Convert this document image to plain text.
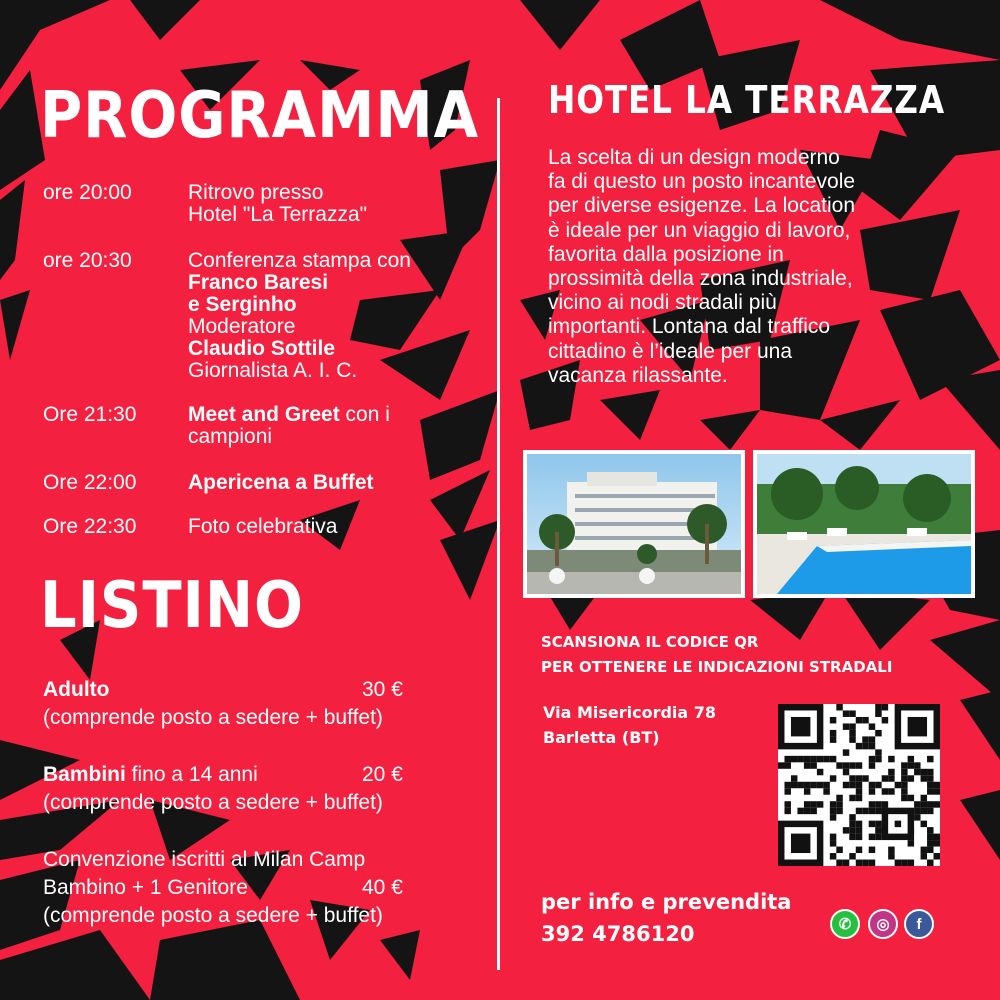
PROGRAMMA
ore 20:00	Ritrovo presso
Hotel "La Terrazza"
ore 20:30	Conferenza stampa con
Franco Baresi
e Serginho
Moderatore
Claudio Sottile
Giornalista A. I. C.
Ore 21:30 Meet and Greet con i
campioni
Ore 22:00 Apericena a Buffet
Ore 22:30 Foto celebrativa
LISTINO
Adulto	30 €
(comprende posto a sedere + buffet)
Bambini fino a 14 anni	20 €
(comprende posto a sedere + buffet)
Convenzione iscritti al Milan Camp
Bambino + 1 Genitore	40 €
(comprende posto a sedere + buffet)
HOTEL LA TERRAZZA
La scelta di un design moderno
fa di questo un posto incantevole
per diverse esigenze. La location
è ideale per un viaggio di lavoro,
favorita dalla posizione in
prossimità della zona industriale,
vicino ai nodi stradali più
importanti. Lontana dal traffico
cittadino è l’ideale per una
vacanza rilassante.
SCANSIONA IL CODICE QR
PER OTTENERE LE INDICAZIONI STRADALI
Via Misericordia 78
Barletta (BT)
per info e prevendita
392 4786120	✆	◎	f
